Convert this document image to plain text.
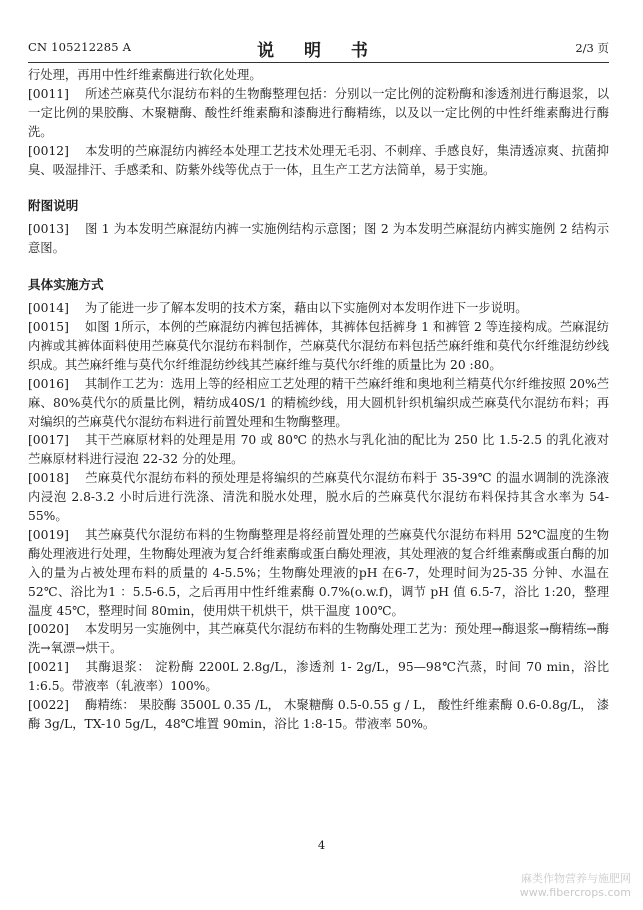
CN 105212285 A	说 明 书	2/3 页

行处理，再用中性纤维素酶进行软化处理。

[0011] 所述苎麻莫代尔混纺布料的生物酶整理包括：分别以一定比例的淀粉酶和渗透剂进行酶退浆，以一定比例的果胶酶、木聚糖酶、酸性纤维素酶和漆酶进行酶精练，以及以一定比例的中性纤维素酶进行酶洗。

[0012] 本发明的苎麻混纺内裤经本处理工艺技术处理无毛羽、不刺痒、手感良好，集清透凉爽、抗菌抑臭、吸湿排汗、手感柔和、防紫外线等优点于一体，且生产工艺方法简单，易于实施。

附图说明

[0013] 图 1 为本发明苎麻混纺内裤一实施例结构示意图；图 2 为本发明苎麻混纺内裤实施例 2 结构示意图。

具体实施方式

[0014] 为了能进一步了解本发明的技术方案，藉由以下实施例对本发明作进下一步说明。

[0015] 如图 1所示，本例的苎麻混纺内裤包括裤体，其裤体包括裤身 1 和裤管 2 等连接构成。苎麻混纺内裤或其裤体面料使用苎麻莫代尔混纺布料制作，苎麻莫代尔混纺布料包括苎麻纤维和莫代尔纤维混纺纱线织成。其苎麻纤维与莫代尔纤维混纺纱线其苎麻纤维与莫代尔纤维的质量比为 20 :80。

[0016] 其制作工艺为：选用上等的经相应工艺处理的精干苎麻纤维和奥地利兰精莫代尔纤维按照 20%苎麻、80%莫代尔的质量比例，精纺成40S/1 的精梳纱线，用大圆机针织机编织成苎麻莫代尔混纺布料；再对编织的苎麻莫代尔混纺布料进行前置处理和生物酶整理。

[0017] 其干苎麻原材料的处理是用 70 或 80℃ 的热水与乳化油的配比为 250 比 1.5-2.5 的乳化液对苎麻原材料进行浸泡 22-32 分的处理。

[0018] 苎麻莫代尔混纺布料的预处理是将编织的苎麻莫代尔混纺布料于 35-39℃ 的温水调制的洗涤液内浸泡 2.8-3.2 小时后进行洗涤、清洗和脱水处理，脱水后的苎麻莫代尔混纺布料保持其含水率为 54-55%。

[0019] 其苎麻莫代尔混纺布料的生物酶整理是将经前置处理的苎麻莫代尔混纺布料用 52℃温度的生物酶处理液进行处理，生物酶处理液为复合纤维素酶或蛋白酶处理液，其处理液的复合纤维素酶或蛋白酶的加入的量为占被处理布料的质量的 4-5.5%；生物酶处理液的pH 在6-7，处理时间为25-35 分钟、水温在52℃、浴比为1 ：5.5-6.5，之后再用中性纤维素酶 0.7%(o.w.f)，调节 pH 值 6.5-7，浴比 1:20，整理温度 45℃，整理时间 80min，使用烘干机烘干，烘干温度 100℃。

[0020] 本发明另一实施例中，其苎麻莫代尔混纺布料的生物酶处理工艺为：预处理→酶退浆→酶精练→酶洗→氧漂→烘干。

[0021] 其酶退浆： 淀粉酶 2200L 2.8g/L，渗透剂 1- 2g/L，95—98℃汽蒸，时间 70 min，浴比 1:6.5。带液率（轧液率）100%。

[0022] 酶精练： 果胶酶 3500L 0.35 /L， 木聚糖酶 0.5-0.55 g / L， 酸性纤维素酶 0.6-0.8g/L， 漆酶 3g/L，TX-10 5g/L，48℃堆置 90min，浴比 1:8-15。带液率 50%。

4
麻类作物营养与施肥网
www.fibercrops.com
